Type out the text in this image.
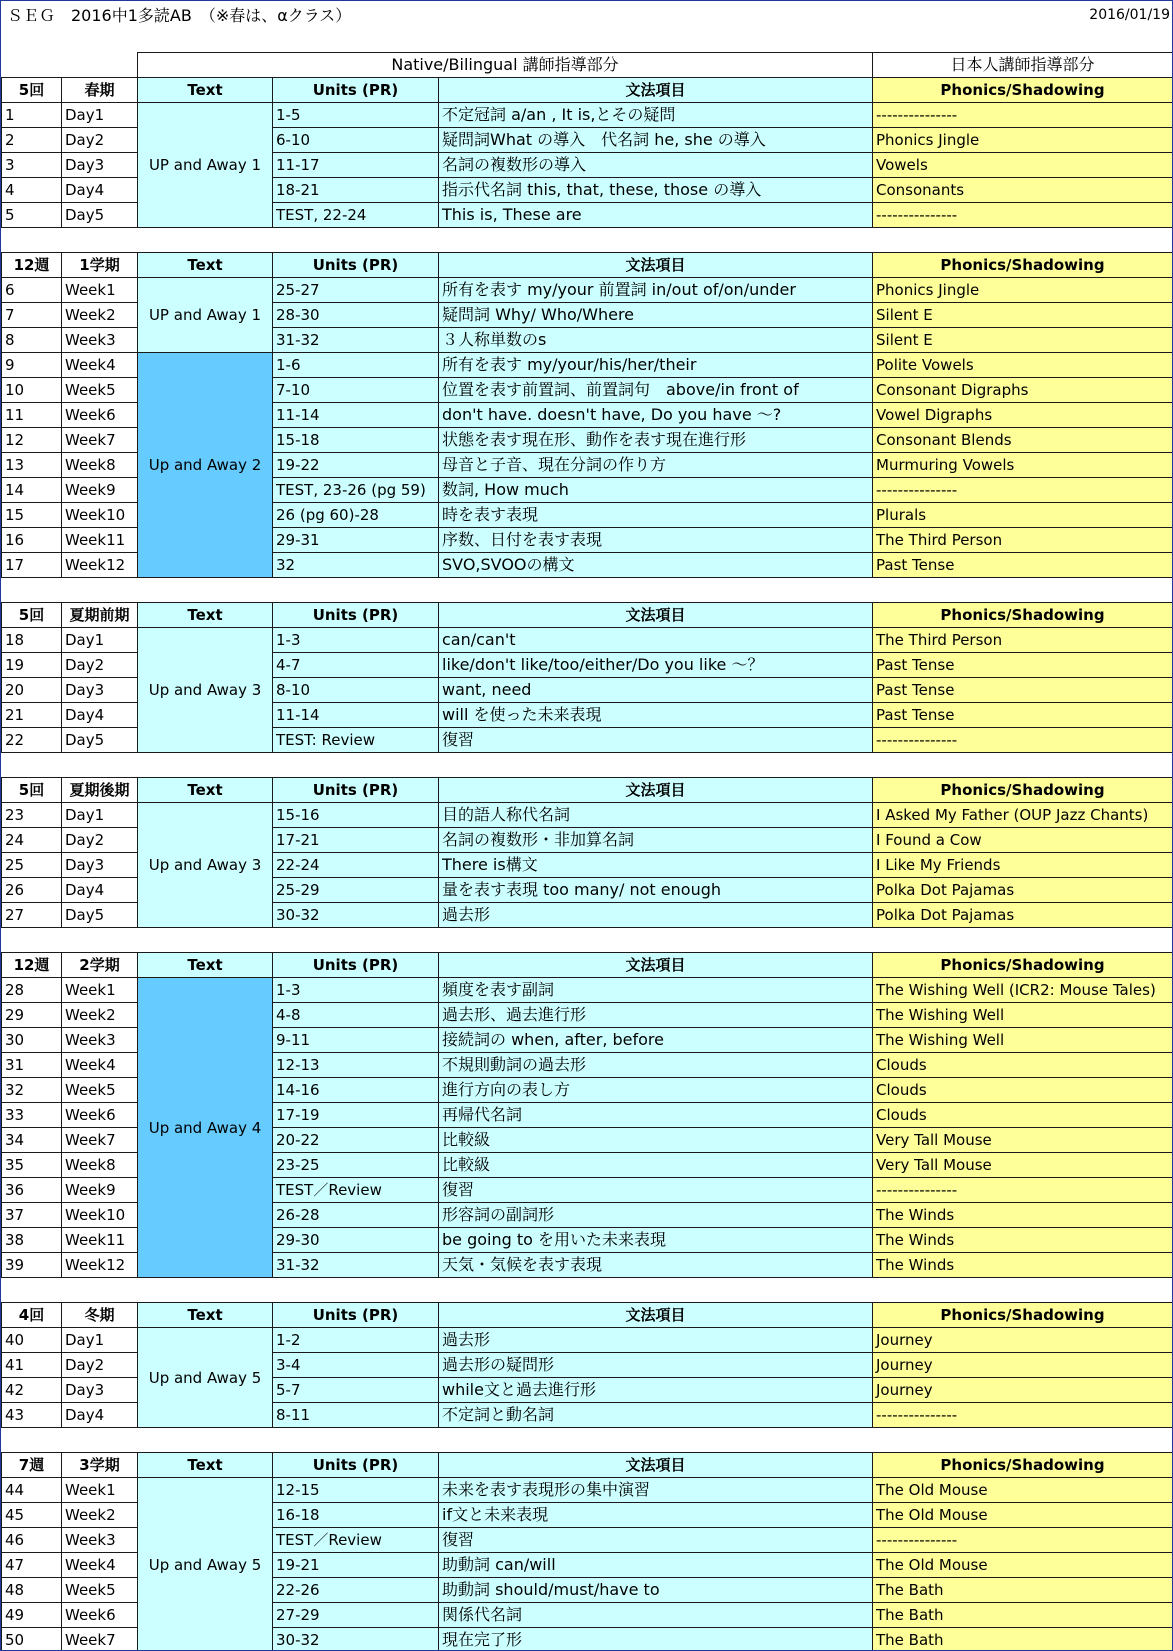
ＳＥＧ　2016中1多読AB　（※春は、αクラス）	2016/01/19

		Native/Bilingual 講師指導部分			日本人講師指導部分
5回	春期	Text	Units (PR)	文法項目	Phonics/Shadowing
1	Day1	UP and Away 1	1-5	不定冠詞 a/an , It is,とその疑問	---------------
2	Day2		6-10	疑問詞What の導入　代名詞 he, she の導入	Phonics Jingle
3	Day3		11-17	名詞の複数形の導入	Vowels
4	Day4		18-21	指示代名詞 this, that, these, those の導入	Consonants
5	Day5		TEST, 22-24	This is, These are	---------------

12週	1学期	Text	Units (PR)	文法項目	Phonics/Shadowing
6	Week1	UP and Away 1	25-27	所有を表す my/your 前置詞 in/out of/on/under	Phonics Jingle
7	Week2		28-30	疑問詞 Why/ Who/Where	Silent E
8	Week3		31-32	３人称単数のs	Silent E
9	Week4	Up and Away 2	1-6	所有を表す my/your/his/her/their	Polite Vowels
10	Week5		7-10	位置を表す前置詞、前置詞句　above/in front of	Consonant Digraphs
11	Week6		11-14	don't have. doesn't have, Do you have ～?	Vowel Digraphs
12	Week7		15-18	状態を表す現在形、動作を表す現在進行形	Consonant Blends
13	Week8		19-22	母音と子音、現在分詞の作り方	Murmuring Vowels
14	Week9		TEST, 23-26 (pg 59)	数詞, How much	---------------
15	Week10		26 (pg 60)-28	時を表す表現	Plurals
16	Week11		29-31	序数、日付を表す表現	The Third Person
17	Week12		32	SVO,SVOOの構文	Past Tense

5回	夏期前期	Text	Units (PR)	文法項目	Phonics/Shadowing
18	Day1	Up and Away 3	1-3	can/can't	The Third Person
19	Day2		4-7	like/don't like/too/either/Do you like ～？	Past Tense
20	Day3		8-10	want, need	Past Tense
21	Day4		11-14	will を使った未来表現	Past Tense
22	Day5		TEST: Review	復習	---------------

5回	夏期後期	Text	Units (PR)	文法項目	Phonics/Shadowing
23	Day1	Up and Away 3	15-16	目的語人称代名詞	I Asked My Father (OUP Jazz Chants)
24	Day2		17-21	名詞の複数形・非加算名詞	I Found a Cow
25	Day3		22-24	There is構文	I Like My Friends
26	Day4		25-29	量を表す表現 too many/ not enough	Polka Dot Pajamas
27	Day5		30-32	過去形	Polka Dot Pajamas

12週	2学期	Text	Units (PR)	文法項目	Phonics/Shadowing
28	Week1	Up and Away 4	1-3	頻度を表す副詞	The Wishing Well (ICR2: Mouse Tales)
29	Week2		4-8	過去形、過去進行形	The Wishing Well
30	Week3		9-11	接続詞の when, after, before	The Wishing Well
31	Week4		12-13	不規則動詞の過去形	Clouds
32	Week5		14-16	進行方向の表し方	Clouds
33	Week6		17-19	再帰代名詞	Clouds
34	Week7		20-22	比較級	Very Tall Mouse
35	Week8		23-25	比較級	Very Tall Mouse
36	Week9		TEST／Review	復習	---------------
37	Week10		26-28	形容詞の副詞形	The Winds
38	Week11		29-30	be going to を用いた未来表現	The Winds
39	Week12		31-32	天気・気候を表す表現	The Winds

4回	冬期	Text	Units (PR)	文法項目	Phonics/Shadowing
40	Day1	Up and Away 5	1-2	過去形	Journey
41	Day2		3-4	過去形の疑問形	Journey
42	Day3		5-7	while文と過去進行形	Journey
43	Day4		8-11	不定詞と動名詞	---------------

7週	3学期	Text	Units (PR)	文法項目	Phonics/Shadowing
44	Week1	Up and Away 5	12-15	未来を表す表現形の集中演習	The Old Mouse
45	Week2		16-18	if文と未来表現	The Old Mouse
46	Week3		TEST／Review	復習	---------------
47	Week4		19-21	助動詞 can/will	The Old Mouse
48	Week5		22-26	助動詞 should/must/have to	The Bath
49	Week6		27-29	関係代名詞	The Bath
50	Week7		30-32	現在完了形	The Bath
